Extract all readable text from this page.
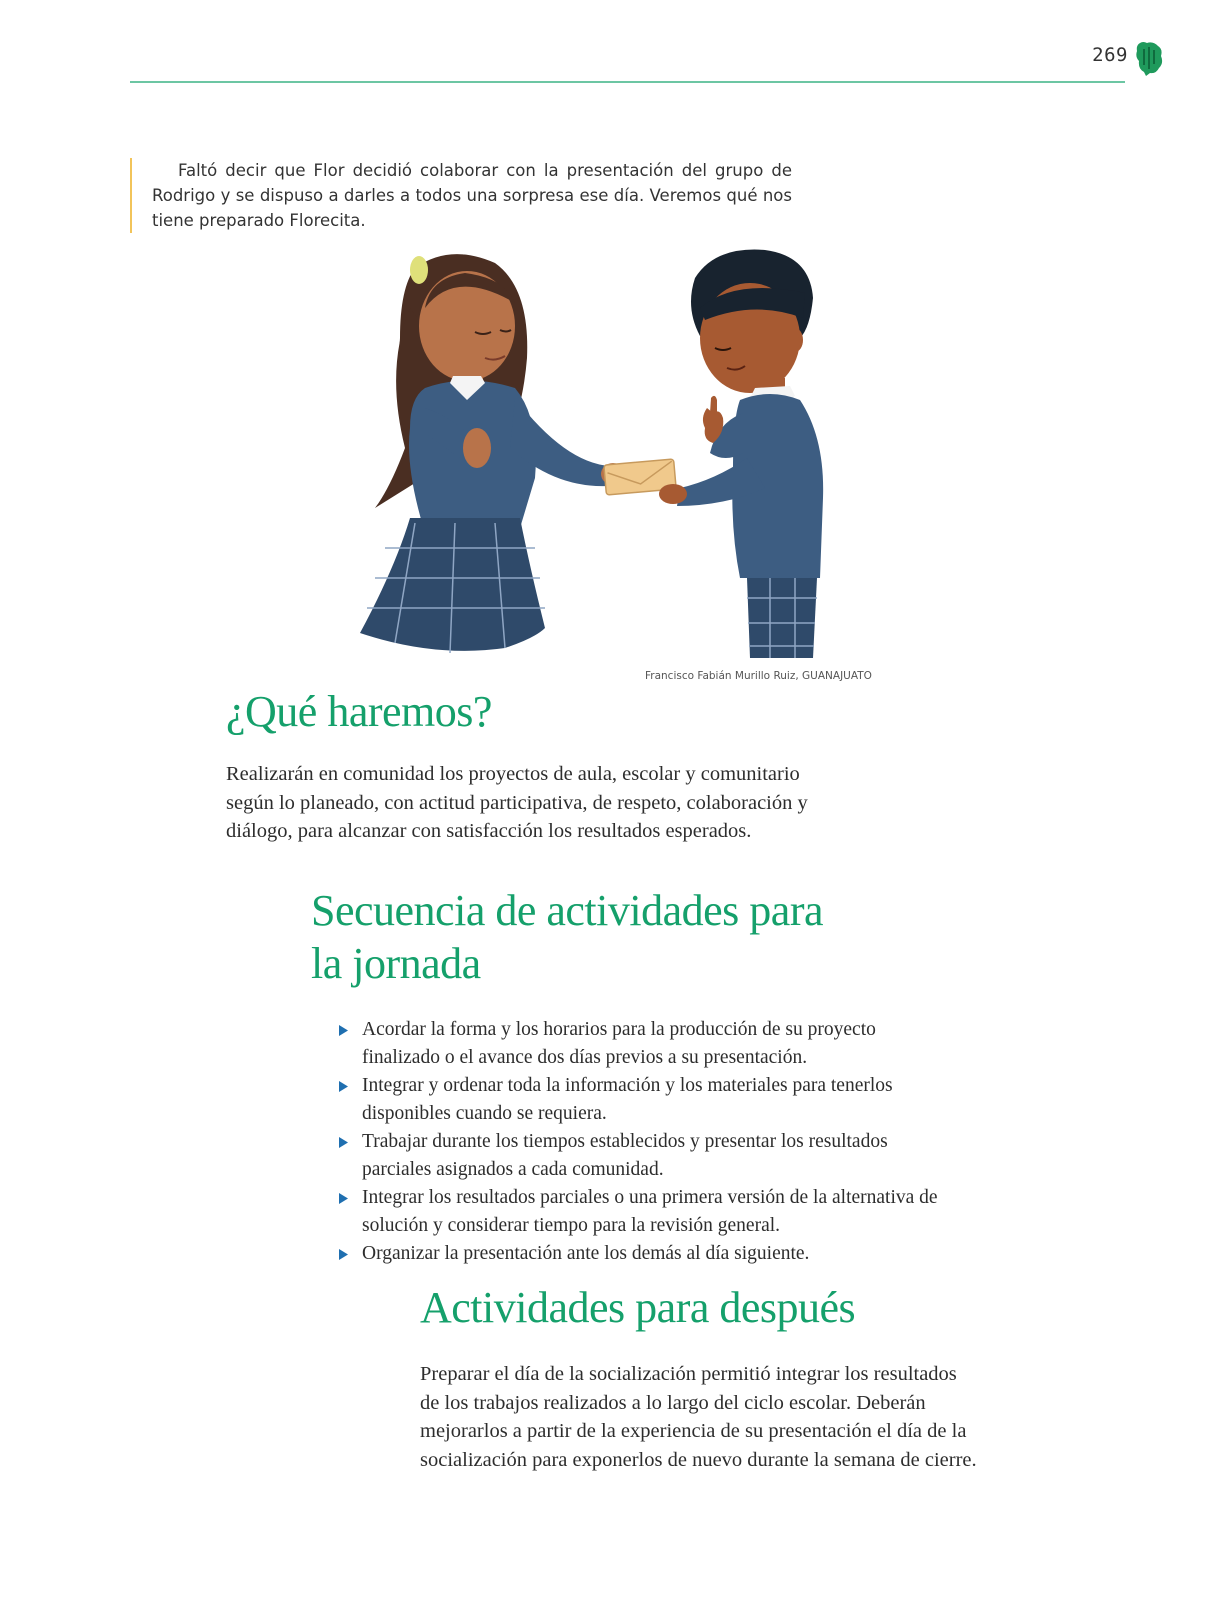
269

Faltó decir que Flor decidió colaborar con la presentación del grupo de Rodrigo y se dispuso a darles a todos una sorpresa ese día. Veremos qué nos tiene preparado Florecita.

Francisco Fabián Murillo Ruiz, GUANAJUATO
¿Qué haremos?

Realizarán en comunidad los proyectos de aula, escolar y comunitario según lo planeado, con actitud participativa, de respeto, colaboración y diálogo, para alcanzar con satisfacción los resultados esperados.

Secuencia de actividades para la jornada
Acordar la forma y los horarios para la producción de su proyecto finalizado o el avance dos días previos a su presentación.
Integrar y ordenar toda la información y los materiales para tenerlos disponibles cuando se requiera.
Trabajar durante los tiempos establecidos y presentar los resultados parciales asignados a cada comunidad.
Integrar los resultados parciales o una primera versión de la alternativa de solución y considerar tiempo para la revisión general.
Organizar la presentación ante los demás al día siguiente.
Actividades para después

Preparar el día de la socialización permitió integrar los resultados de los trabajos realizados a lo largo del ciclo escolar. Deberán mejorarlos a partir de la experiencia de su presentación el día de la socialización para exponerlos de nuevo durante la semana de cierre.
